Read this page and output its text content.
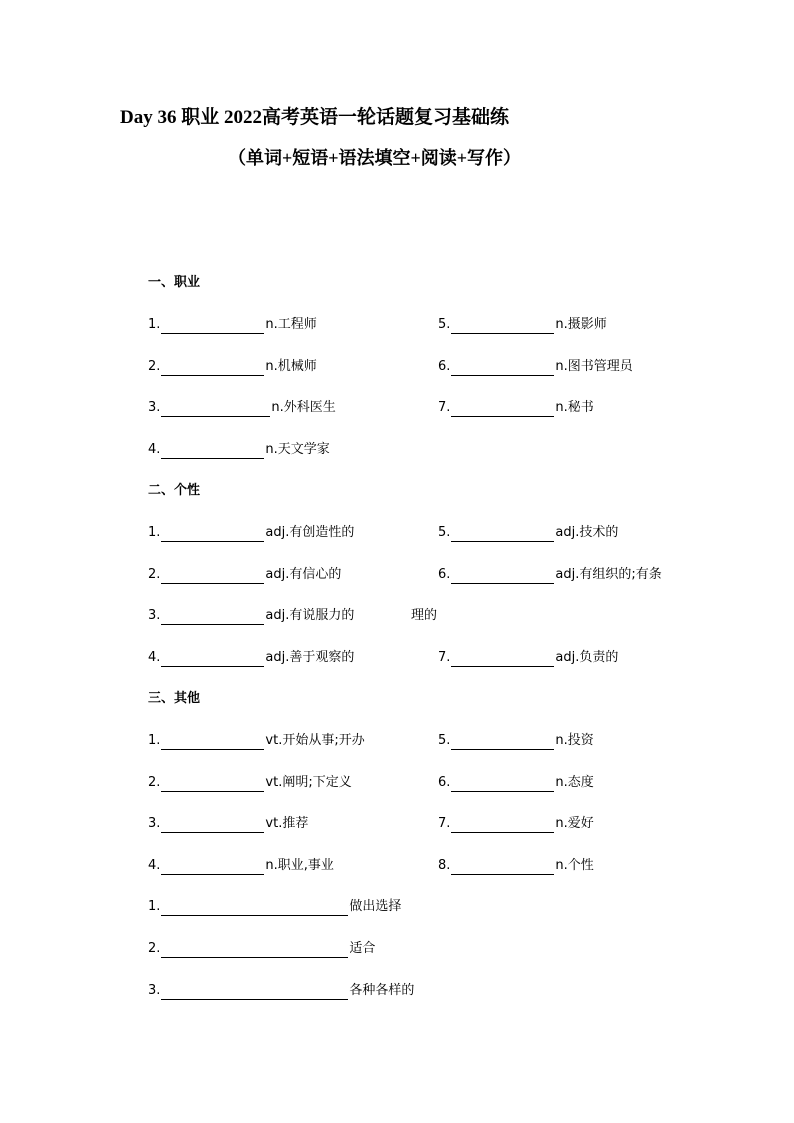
Day 36 职业 2022高考英语一轮话题复习基础练
（单词+短语+语法填空+阅读+写作）
一、职业
1.	n.工程师
2.	n.机械师
3.	n.外科医生
4.	n.天文学家
5.	n.摄影师
6.	n.图书管理员
7.	n.秘书
二、个性
1.	adj.有创造性的
2.	adj.有信心的
3.	adj.有说服力的
4.	adj.善于观察的
5.	adj.技术的
6.	adj.有组织的;有条
理的
7.	adj.负责的
三、其他
1.	vt.开始从事;开办
2.	vt.阐明;下定义
3.	vt.推荐
4.	n.职业,事业
5.	n.投资
6.	n.态度
7.	n.爱好
8.	n.个性
1.	做出选择
2.	适合
3.	各种各样的
